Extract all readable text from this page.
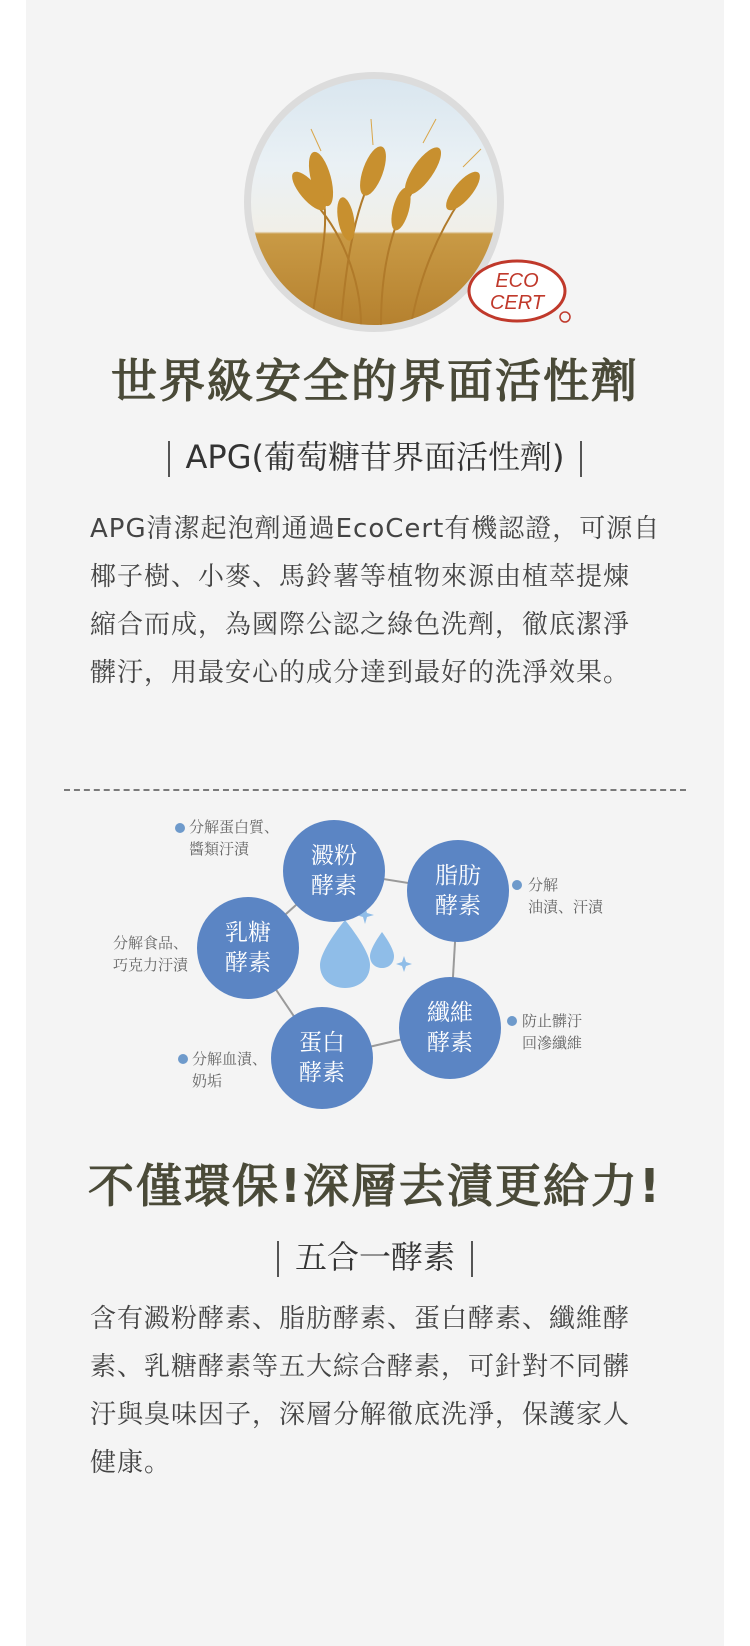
ECO
CERT
世界級安全的界面活性劑
APG(葡萄糖苷界面活性劑)
APG清潔起泡劑通過EcoCert有機認證，可源自
椰子樹、小麥、馬鈴薯等植物來源由植萃提煉
縮合而成，為國際公認之綠色洗劑，徹底潔淨
髒汙，用最安心的成分達到最好的洗淨效果。
澱粉
酵素	脂肪
酵素
乳糖
酵素
纖維
酵素
蛋白
酵素
分解蛋白質、
醬類汙漬
分解
油漬、汗漬
分解食品、
巧克力汙漬
防止髒汙
回滲纖維
分解血漬、
奶垢
不僅環保!深層去漬更給力!
五合一酵素
含有澱粉酵素、脂肪酵素、蛋白酵素、纖維酵
素、乳糖酵素等五大綜合酵素，可針對不同髒
汙與臭味因子，深層分解徹底洗淨，保護家人
健康。
